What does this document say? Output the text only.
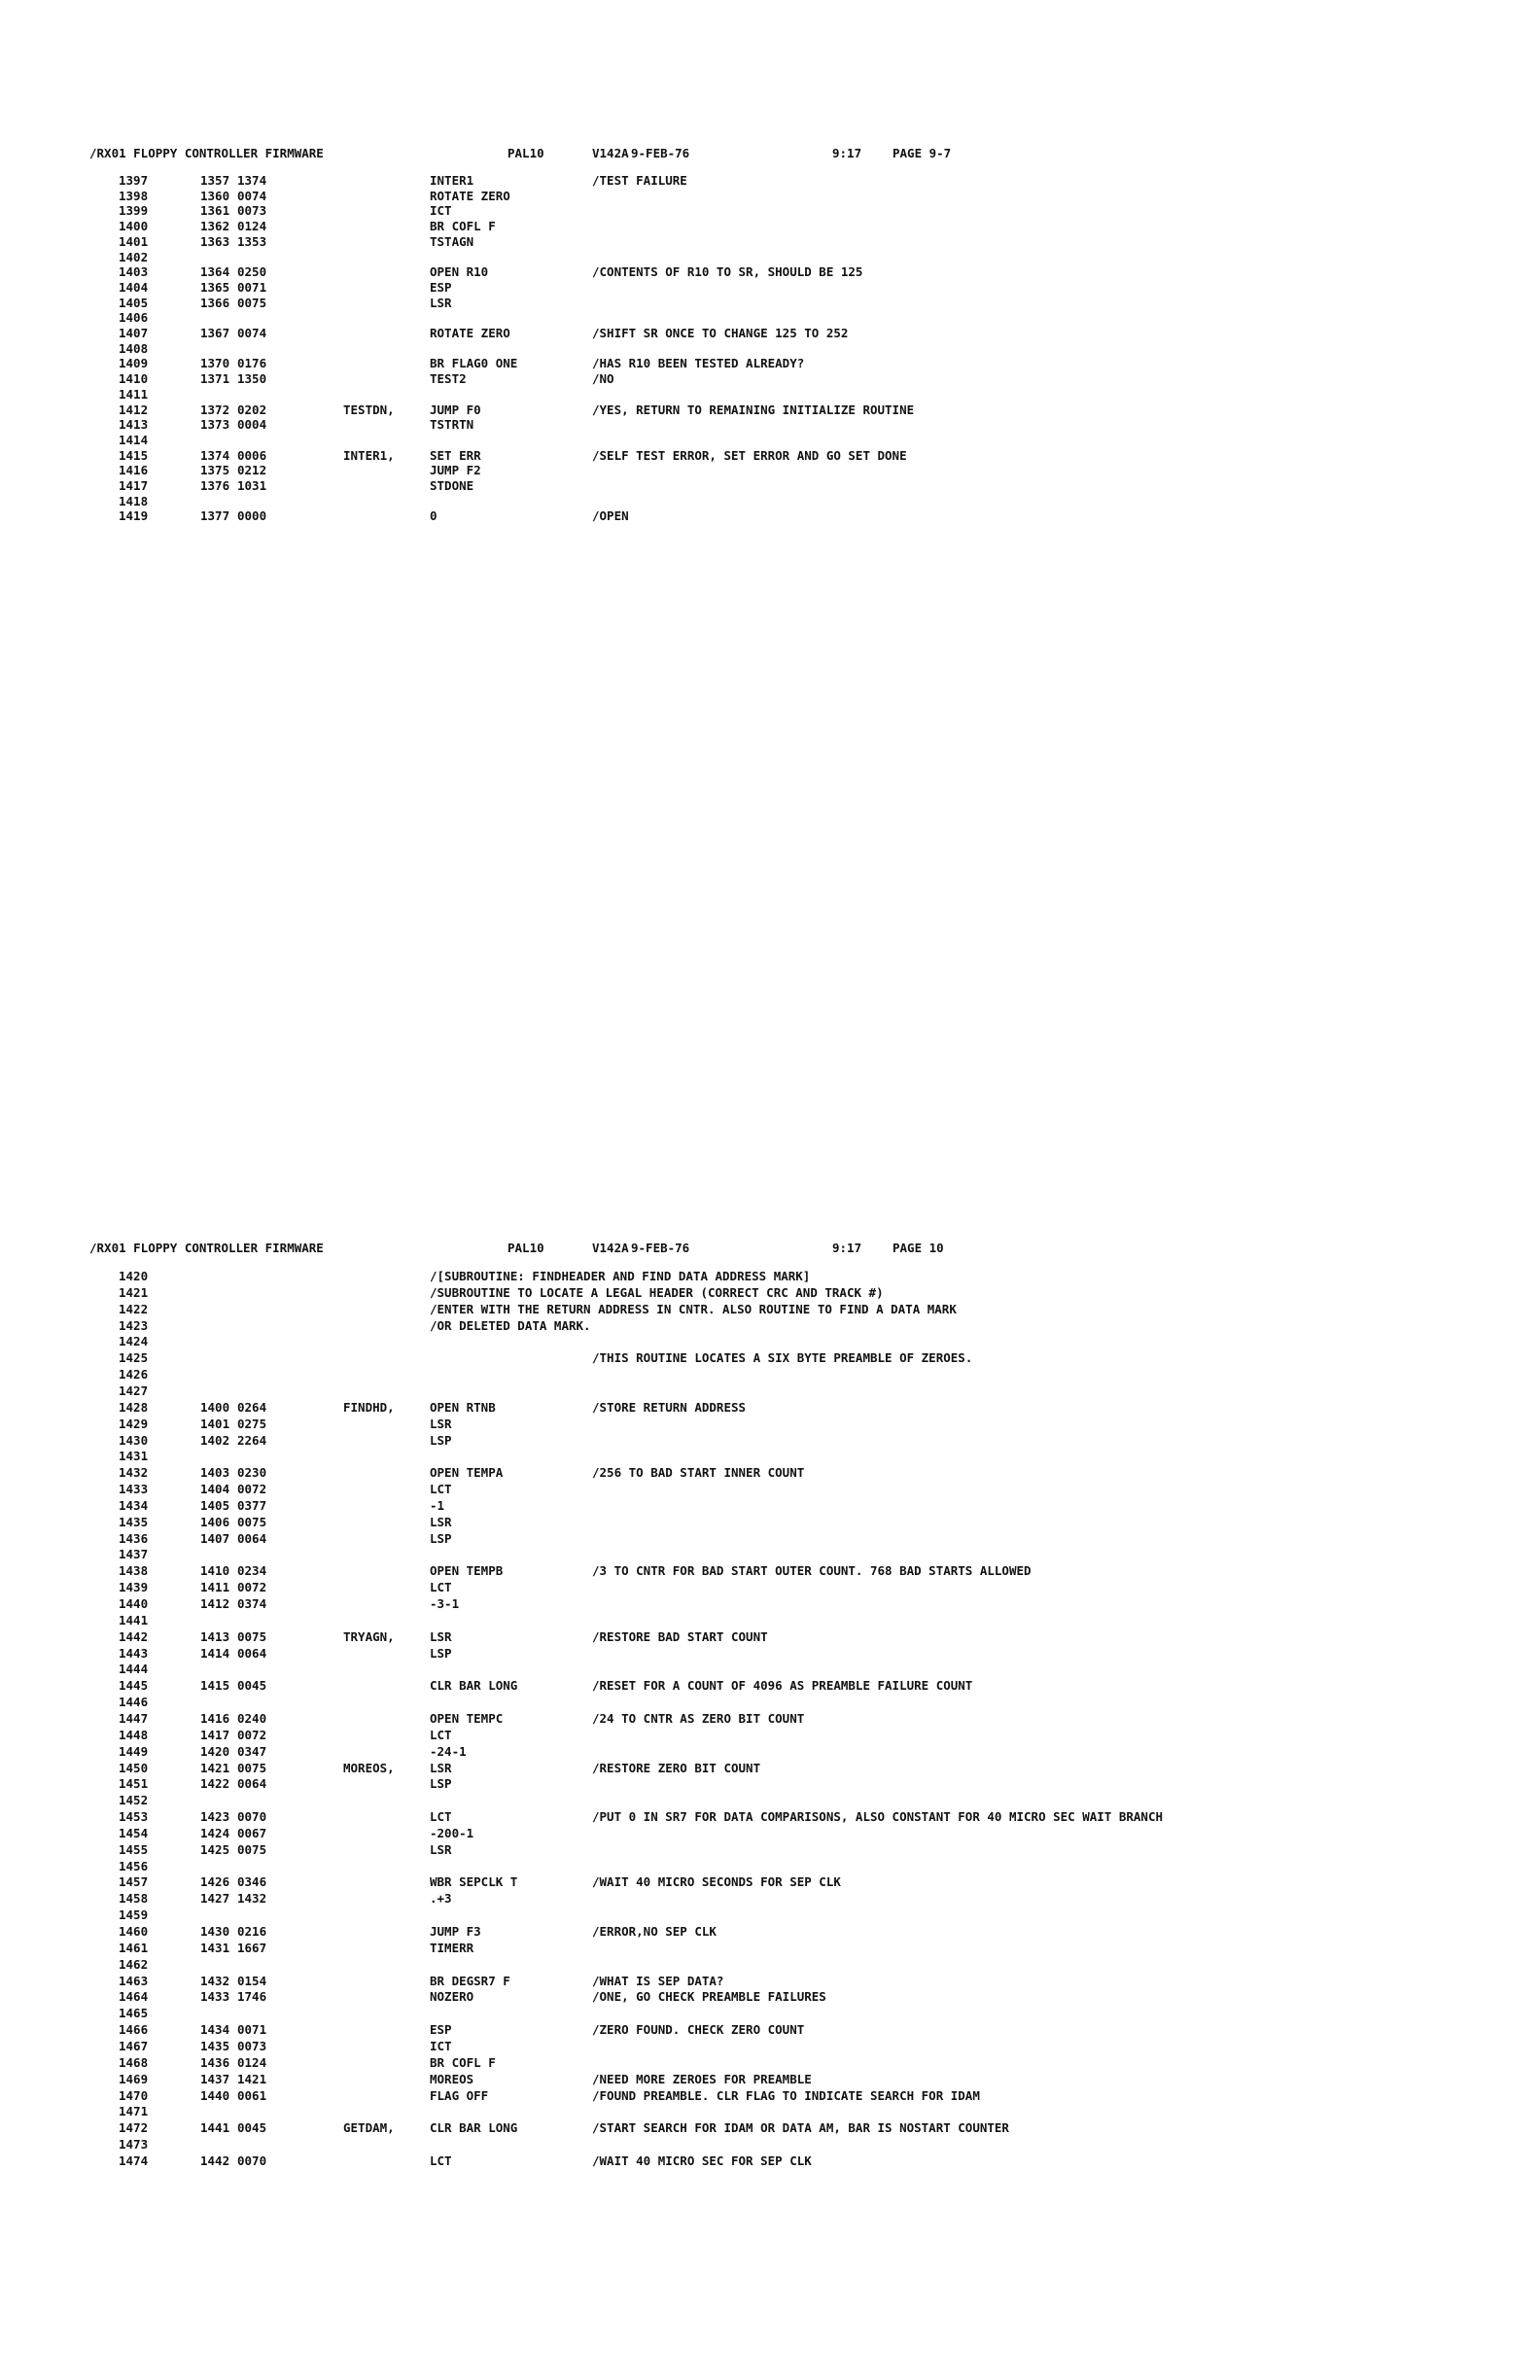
/RX01 FLOPPY CONTROLLER FIRMWARE

	PAL10

	V142A

9-FEB-76

	9:17

	PAGE 9-7

1397	1357 1374	INTER1	/TEST FAILURE
1398	1360 0074	ROTATE ZERO
1399	1361 0073	ICT
1400	1362 0124	BR COFL F
1401	1363 1353	TSTAGN
1402
1403	1364 0250	OPEN R10	/CONTENTS OF R10 TO SR, SHOULD BE 125
1404	1365 0071	ESP
1405	1366 0075	LSR
1406
1407	1367 0074	ROTATE ZERO	/SHIFT SR ONCE TO CHANGE 125 TO 252
1408
1409	1370 0176	BR FLAG0 ONE	/HAS R10 BEEN TESTED ALREADY?
1410	1371 1350	TEST2	/NO
1411
1412	1372 0202	TESTDN,	JUMP F0	/YES, RETURN TO REMAINING INITIALIZE ROUTINE
1413	1373 0004	TSTRTN
1414
1415	1374 0006	INTER1,	SET ERR	/SELF TEST ERROR, SET ERROR AND GO SET DONE
1416	1375 0212	JUMP F2
1417	1376 1031	STDONE
1418
1419	1377 0000	0	/OPEN

/RX01 FLOPPY CONTROLLER FIRMWARE

	PAL10

	V142A

9-FEB-76

	9:17

	PAGE 10

1420	/[SUBROUTINE: FINDHEADER AND FIND DATA ADDRESS MARK]
1421	/SUBROUTINE TO LOCATE A LEGAL HEADER (CORRECT CRC AND TRACK #)
1422	/ENTER WITH THE RETURN ADDRESS IN CNTR. ALSO ROUTINE TO FIND A DATA MARK
1423	/OR DELETED DATA MARK.
1424
1425	/THIS ROUTINE LOCATES A SIX BYTE PREAMBLE OF ZEROES.
1426
1427
1428	1400 0264	FINDHD,	OPEN RTNB	/STORE RETURN ADDRESS
1429	1401 0275	LSR
1430	1402 2264	LSP
1431
1432	1403 0230	OPEN TEMPA	/256 TO BAD START INNER COUNT
1433	1404 0072	LCT
1434	1405 0377	-1
1435	1406 0075	LSR
1436	1407 0064	LSP
1437
1438	1410 0234	OPEN TEMPB	/3 TO CNTR FOR BAD START OUTER COUNT. 768 BAD STARTS ALLOWED
1439	1411 0072	LCT
1440	1412 0374	-3-1
1441
1442	1413 0075	TRYAGN,	LSR	/RESTORE BAD START COUNT
1443	1414 0064	LSP
1444
1445	1415 0045	CLR BAR LONG	/RESET FOR A COUNT OF 4096 AS PREAMBLE FAILURE COUNT
1446
1447	1416 0240	OPEN TEMPC	/24 TO CNTR AS ZERO BIT COUNT
1448	1417 0072	LCT
1449	1420 0347	-24-1
1450	1421 0075	MOREOS,	LSR	/RESTORE ZERO BIT COUNT
1451	1422 0064	LSP
1452
1453	1423 0070	LCT	/PUT 0 IN SR7 FOR DATA COMPARISONS, ALSO CONSTANT FOR 40 MICRO SEC WAIT BRANCH
1454	1424 0067	-200-1
1455	1425 0075	LSR
1456
1457	1426 0346	WBR SEPCLK T	/WAIT 40 MICRO SECONDS FOR SEP CLK
1458	1427 1432	.+3
1459
1460	1430 0216	JUMP F3	/ERROR,NO SEP CLK
1461	1431 1667	TIMERR
1462
1463	1432 0154	BR DEGSR7 F	/WHAT IS SEP DATA?
1464	1433 1746	NOZERO	/ONE, GO CHECK PREAMBLE FAILURES
1465
1466	1434 0071	ESP	/ZERO FOUND. CHECK ZERO COUNT
1467	1435 0073	ICT
1468	1436 0124	BR COFL F
1469	1437 1421	MOREOS	/NEED MORE ZEROES FOR PREAMBLE
1470	1440 0061	FLAG OFF	/FOUND PREAMBLE. CLR FLAG TO INDICATE SEARCH FOR IDAM
1471
1472	1441 0045	GETDAM,	CLR BAR LONG	/START SEARCH FOR IDAM OR DATA AM, BAR IS NOSTART COUNTER
1473
1474	1442 0070	LCT	/WAIT 40 MICRO SEC FOR SEP CLK
